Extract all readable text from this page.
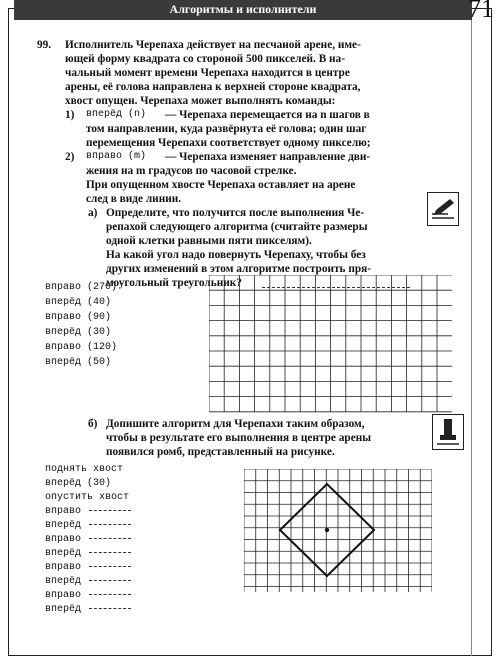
Алгоритмы и исполнители	71
99. Исполнитель Черепаха действует на песчаной арене, име-
ющей форму квадрата со стороной 500 пикселей. В на-
чальный момент времени Черепаха находится в центре
арены, её голова направлена к верхней стороне квадрата,
хвост опущен. Черепаха может выполнять команды:
1) вперёд (n) — Черепаха перемещается на n шагов в
том направлении, куда развёрнута её голова; один шаг
перемещения Черепахи соответствует одному пикселю;
2) вправо (m) — Черепаха изменяет направление дви-
жения на m градусов по часовой стрелке.
При опущенном хвосте Черепаха оставляет на арене
след в виде линии.
а) Определите, что получится после выполнения Че-
репахой следующего алгоритма (считайте размеры
одной клетки равными пяти пикселям).
На какой угол надо повернуть Черепаху, чтобы без
других изменений в этом алгоритме построить пря-
моугольный треугольник?
вправо (270)
вперёд (40)
вправо (90)
вперёд (30)
вправо (120)
вперёд (50)
б) Допишите алгоритм для Черепахи таким образом,
чтобы в результате его выполнения в центре арены
появился ромб, представленный на рисунке.
поднять хвост
вперёд (30)
опустить хвост
вправо
вперёд
вправо
вперёд
вправо
вперёд
вправо
вперёд
